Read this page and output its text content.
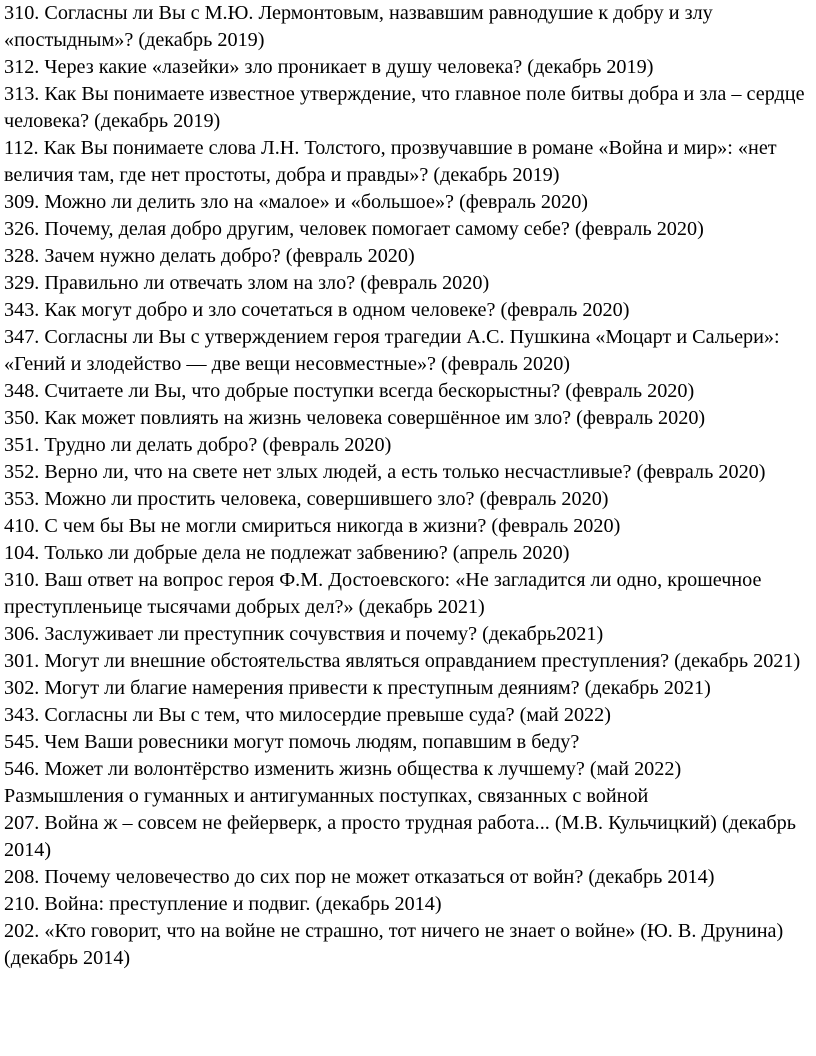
310. Согласны ли Вы с М.Ю. Лермонтовым, назвавшим равнодушие к добру и злу «постыдным»? (декабрь 2019)

312. Через какие «лазейки» зло проникает в душу человека? (декабрь 2019)

313. Как Вы понимаете известное утверждение, что главное поле битвы добра и зла – сердце человека? (декабрь 2019)

112. Как Вы понимаете слова Л.Н. Толстого, прозвучавшие в романе «Война и мир»: «нет величия там, где нет простоты, добра и правды»? (декабрь 2019)

309. Можно ли делить зло на «малое» и «большое»? (февраль 2020)

326. Почему, делая добро другим, человек помогает самому себе? (февраль 2020)

328. Зачем нужно делать добро? (февраль 2020)

329. Правильно ли отвечать злом на зло? (февраль 2020)

343. Как могут добро и зло сочетаться в одном человеке? (февраль 2020)

347. Согласны ли Вы с утверждением героя трагедии А.С. Пушкина «Моцарт и Сальери»: «Гений и злодейство — две вещи несовместные»? (февраль 2020)

348. Считаете ли Вы, что добрые поступки всегда бескорыстны? (февраль 2020)

350. Как может повлиять на жизнь человека совершённое им зло? (февраль 2020)

351. Трудно ли делать добро? (февраль 2020)

352. Верно ли, что на свете нет злых людей, а есть только несчастливые? (февраль 2020)

353. Можно ли простить человека, совершившего зло? (февраль 2020)

410. С чем бы Вы не могли смириться никогда в жизни? (февраль 2020)

104. Только ли добрые дела не подлежат забвению? (апрель 2020)

310. Ваш ответ на вопрос героя Ф.М. Достоевского: «Не загладится ли одно, крошечное преступленьице тысячами добрых дел?» (декабрь 2021)

306. Заслуживает ли преступник сочувствия и почему? (декабрь2021)

301. Могут ли внешние обстоятельства являться оправданием преступления? (декабрь 2021)

302. Могут ли благие намерения привести к преступным деяниям? (декабрь 2021)

343. Согласны ли Вы с тем, что милосердие превыше суда? (май 2022)

545. Чем Ваши ровесники могут помочь людям, попавшим в беду?

546. Может ли волонтёрство изменить жизнь общества к лучшему? (май 2022)

Размышления о гуманных и антигуманных поступках, связанных с войной

207. Война ж – совсем не фейерверк, а просто трудная работа... (М.В. Кульчицкий) (декабрь 2014)

208. Почему человечество до сих пор не может отказаться от войн? (декабрь 2014)

210. Война: преступление и подвиг. (декабрь 2014)

202. «Кто говорит, что на войне не страшно, тот ничего не знает о войне» (Ю. В. Друнина) (декабрь 2014)
